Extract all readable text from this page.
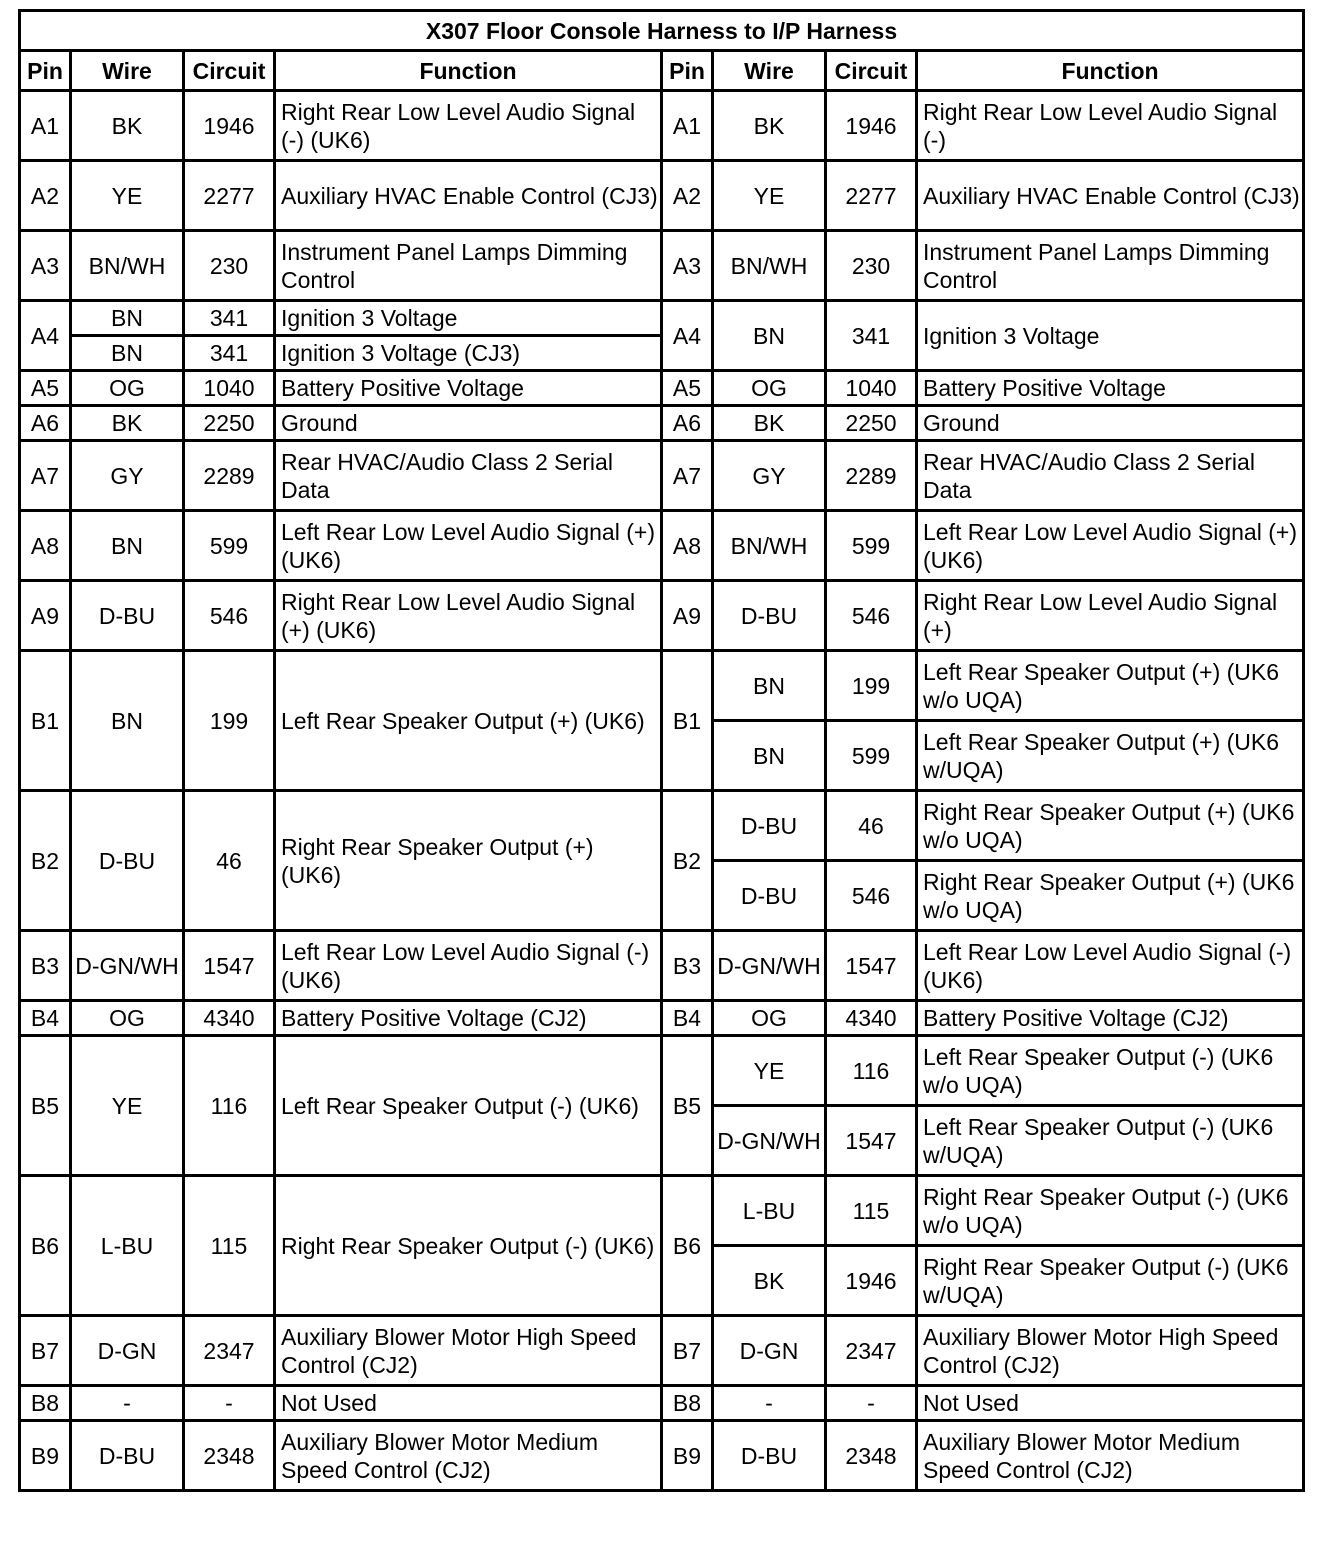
X307 Floor Console Harness to I/P Harness							
Pin	Wire	Circuit	Function	Pin	Wire	Circuit	Function
A1	BK	1946	Right Rear Low Level Audio Signal (-) (UK6)	A1	BK	1946	Right Rear Low Level Audio Signal (-)

A2	YE	2277	Auxiliary HVAC Enable Control (CJ3)	A2	YE	2277	Auxiliary HVAC Enable Control (CJ3)

A3	BN/WH	230	Instrument Panel Lamps Dimming Control	A3	BN/WH	230	Instrument Panel Lamps Dimming Control

A4	BN	341	Ignition 3 Voltage	A4	BN	341	Ignition 3 Voltage
	BN	341	Ignition 3 Voltage (CJ3)				
A5	OG	1040	Battery Positive Voltage	A5	OG	1040	Battery Positive Voltage
A6	BK	2250	Ground	A6	BK	2250	Ground
A7	GY	2289	Rear HVAC/Audio Class 2 Serial Data	A7	GY	2289	Rear HVAC/Audio Class 2 Serial Data

A8	BN	599	Left Rear Low Level Audio Signal (+) (UK6)	A8	BN/WH	599	Left Rear Low Level Audio Signal (+) (UK6)

A9	D-BU	546	Right Rear Low Level Audio Signal (+) (UK6)	A9	D-BU	546	Right Rear Low Level Audio Signal (+)

B1	BN	199	Left Rear Speaker Output (+) (UK6)	B1	BN	199	Left Rear Speaker Output (+) (UK6 w/o UQA)

					BN	599	Left Rear Speaker Output (+) (UK6 w/UQA)

B2	D-BU	46	Right Rear Speaker Output (+) (UK6)	B2	D-BU	46	Right Rear Speaker Output (+) (UK6 w/o UQA)

					D-BU	546	Right Rear Speaker Output (+) (UK6 w/o UQA)

B3	D-GN/WH	1547	Left Rear Low Level Audio Signal (-) (UK6)	B3	D-GN/WH	1547	Left Rear Low Level Audio Signal (-) (UK6)

B4	OG	4340	Battery Positive Voltage (CJ2)	B4	OG	4340	Battery Positive Voltage (CJ2)
B5	YE	116	Left Rear Speaker Output (-) (UK6)	B5	YE	116	Left Rear Speaker Output (-) (UK6 w/o UQA)

					D-GN/WH	1547	Left Rear Speaker Output (-) (UK6 w/UQA)

B6	L-BU	115	Right Rear Speaker Output (-) (UK6)	B6	L-BU	115	Right Rear Speaker Output (-) (UK6 w/o UQA)

					BK	1946	Right Rear Speaker Output (-) (UK6 w/UQA)

B7	D-GN	2347	Auxiliary Blower Motor High Speed Control (CJ2)	B7	D-GN	2347	Auxiliary Blower Motor High Speed Control (CJ2)

B8	-	-	Not Used	B8	-	-	Not Used
B9	D-BU	2348	Auxiliary Blower Motor Medium Speed Control (CJ2)	B9	D-BU	2348	Auxiliary Blower Motor Medium Speed Control (CJ2)
